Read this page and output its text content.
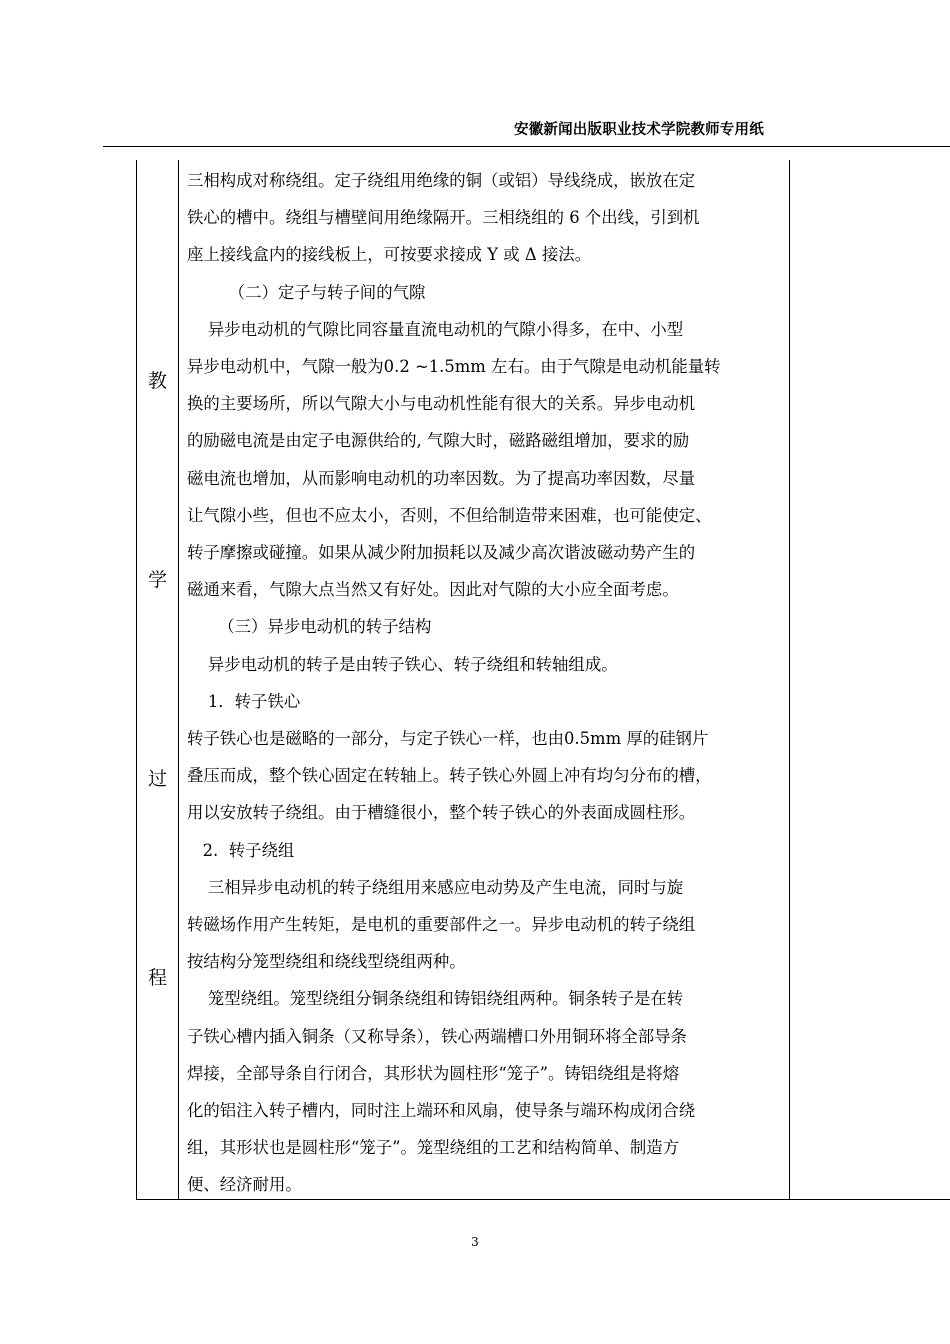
安徽新闻出版职业技术学院教师专用纸
教
学
过
程

三相构成对称绕组。定子绕组用绝缘的铜（或铝）导线绕成，嵌放在定

铁心的槽中。绕组与槽壁间用绝缘隔开。三相绕组的 6 个出线，引到机

座上接线盒内的接线板上，可按要求接成 Y 或 Δ 接法。

（二）定子与转子间的气隙

异步电动机的气隙比同容量直流电动机的气隙小得多，在中、小型

异步电动机中，气隙一般为0.2 ~1.5mm 左右。由于气隙是电动机能量转

换的主要场所，所以气隙大小与电动机性能有很大的关系。异步电动机

的励磁电流是由定子电源供给的, 气隙大时，磁路磁组增加，要求的励

磁电流也增加，从而影响电动机的功率因数。为了提高功率因数，尽量

让气隙小些，但也不应太小，否则，不但给制造带来困难，也可能使定、

转子摩擦或碰撞。如果从减少附加损耗以及减少高次谐波磁动势产生的

磁通来看，气隙大点当然又有好处。因此对气隙的大小应全面考虑。

（三）异步电动机的转子结构

异步电动机的转子是由转子铁心、转子绕组和转轴组成。

1．转子铁心

转子铁心也是磁略的一部分，与定子铁心一样，也由0.5mm 厚的硅钢片

叠压而成，整个铁心固定在转轴上。转子铁心外圆上冲有均匀分布的槽，

用以安放转子绕组。由于槽缝很小，整个转子铁心的外表面成圆柱形。

2.  转子绕组

三相异步电动机的转子绕组用来感应电动势及产生电流，同时与旋

转磁场作用产生转矩，是电机的重要部件之一。异步电动机的转子绕组

按结构分笼型绕组和绕线型绕组两种。

笼型绕组。笼型绕组分铜条绕组和铸铝绕组两种。铜条转子是在转

子铁心槽内插入铜条（又称导条），铁心两端槽口外用铜环将全部导条

焊接，全部导条自行闭合，其形状为圆柱形“笼子”。铸铝绕组是将熔

化的铝注入转子槽内，同时注上端环和风扇，使导条与端环构成闭合绕

组，其形状也是圆柱形“笼子”。笼型绕组的工艺和结构简单、制造方

便、经济耐用。

3
